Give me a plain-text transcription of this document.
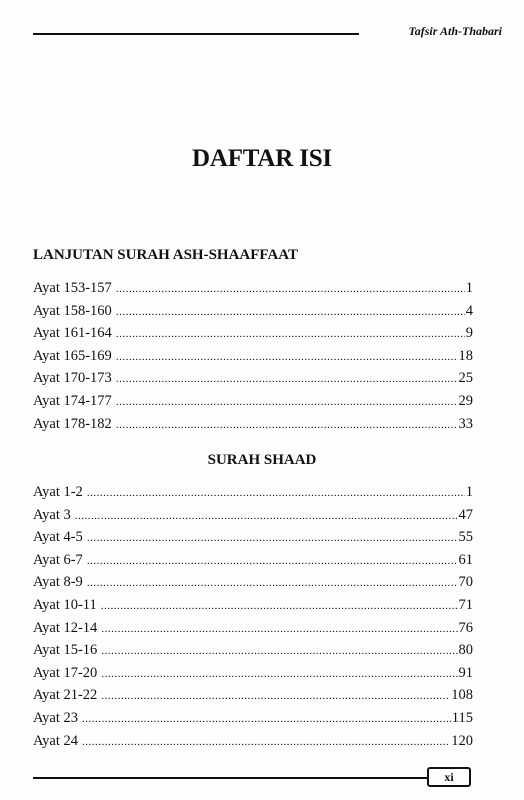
Tafsir Ath-Thabari
DAFTAR ISI
LANJUTAN SURAH ASH-SHAAFFAAT
Ayat 153-157 .....	1
Ayat 158-160 .....	4
Ayat 161-164 .....	9
Ayat 165-169 .....	18
Ayat 170-173 .....	25
Ayat 174-177 .....	29
Ayat 178-182 .....	33
SURAH SHAAD
Ayat 1-2 .....	1
Ayat 3 .....	47
Ayat 4-5 .....	55
Ayat 6-7 .....	61
Ayat 8-9 .....	70
Ayat 10-11 .....	71
Ayat 12-14 .....	76
Ayat 15-16 .....	80
Ayat 17-20 .....	91
Ayat 21-22 .....	108
Ayat 23 .....	115
Ayat 24 .....	120
xi
